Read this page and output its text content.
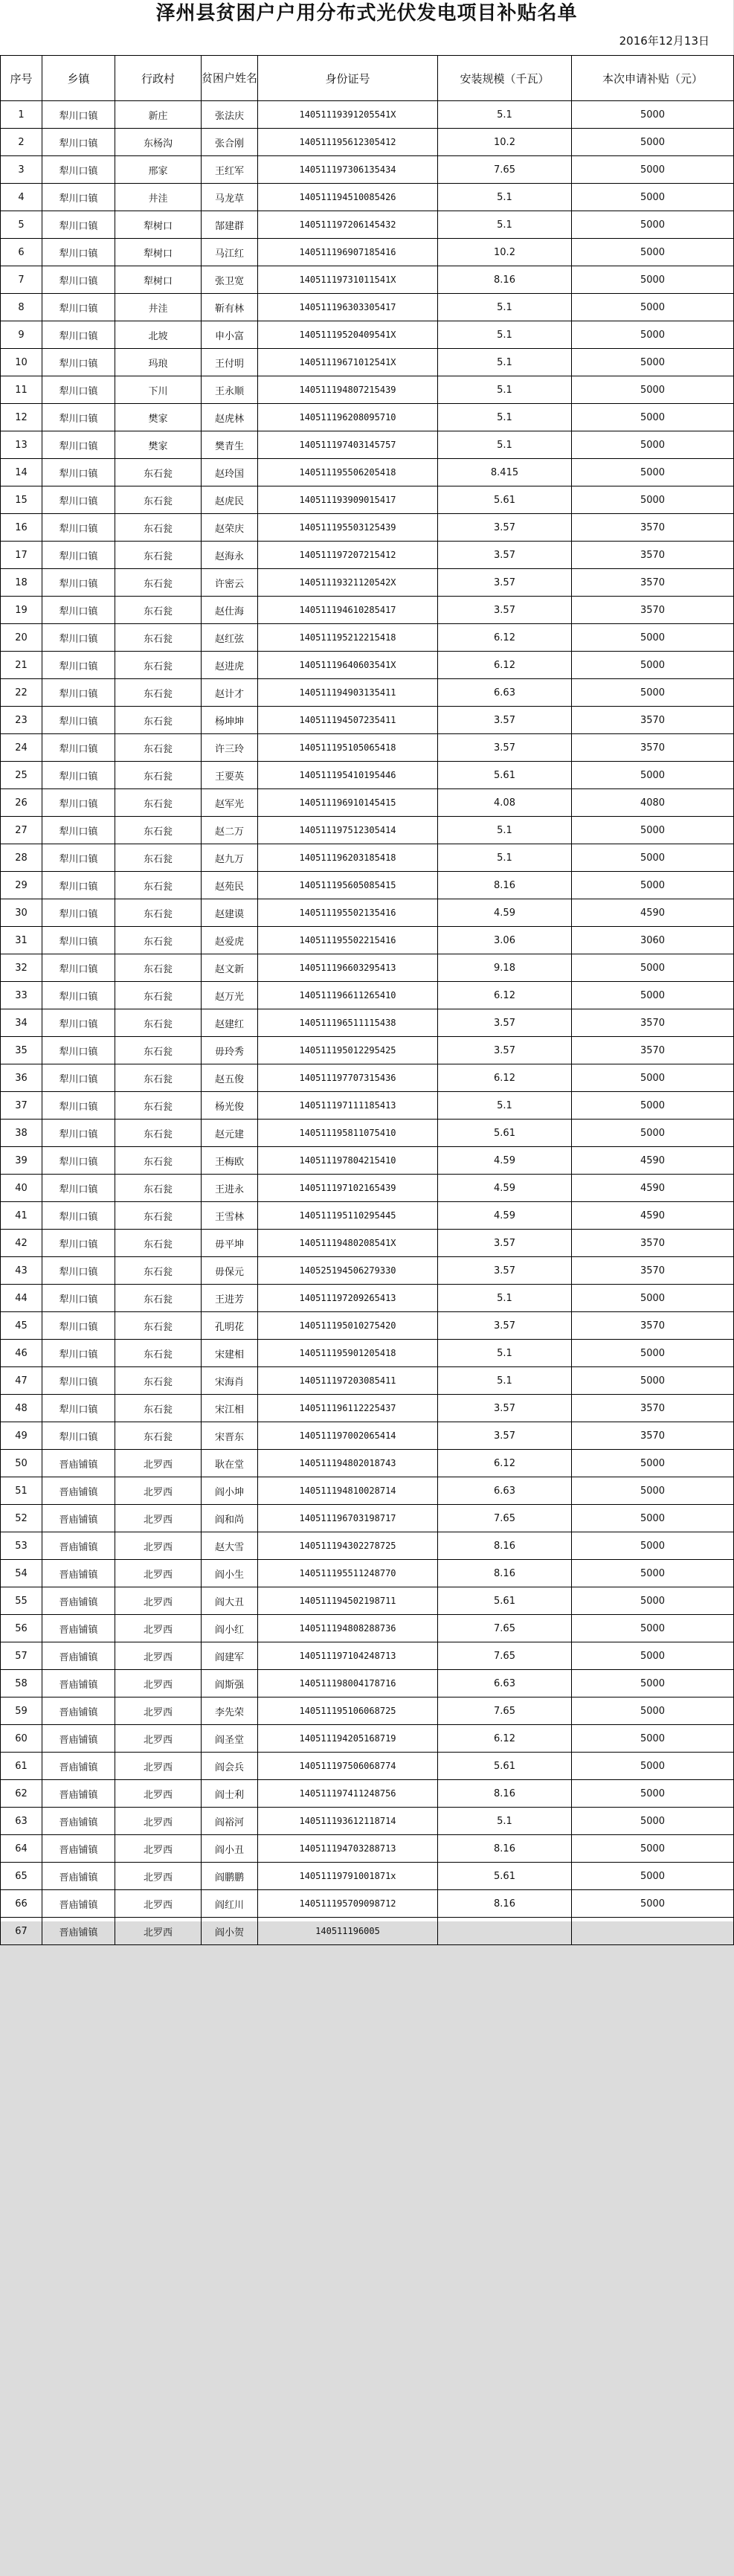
泽州县贫困户户用分布式光伏发电项目补贴名单
2016年12月13日
序号	乡镇	行政村	贫困户姓名	身份证号	安装规模（千瓦）	本次申请补贴（元）
1	犁川口镇	新庄	张法庆	14051119391205541X	5.1	5000
2	犁川口镇	东杨沟	张合刚	140511195612305412	10.2	5000
3	犁川口镇	邢家	王红军	140511197306135434	7.65	5000
4	犁川口镇	井洼	马龙草	140511194510085426	5.1	5000
5	犁川口镇	犁树口	郜建群	140511197206145432	5.1	5000
6	犁川口镇	犁树口	马江红	140511196907185416	10.2	5000
7	犁川口镇	犁树口	张卫宽	14051119731011541X	8.16	5000
8	犁川口镇	井洼	靳有林	140511196303305417	5.1	5000
9	犁川口镇	北坡	申小富	14051119520409541X	5.1	5000
10	犁川口镇	玛琅	王付明	14051119671012541X	5.1	5000
11	犁川口镇	下川	王永顺	140511194807215439	5.1	5000
12	犁川口镇	樊家	赵虎林	140511196208095710	5.1	5000
13	犁川口镇	樊家	樊青生	140511197403145757	5.1	5000
14	犁川口镇	东石瓮	赵玲国	140511195506205418	8.415	5000
15	犁川口镇	东石瓮	赵虎民	140511193909015417	5.61	5000
16	犁川口镇	东石瓮	赵荣庆	140511195503125439	3.57	3570
17	犁川口镇	东石瓮	赵海永	140511197207215412	3.57	3570
18	犁川口镇	东石瓮	许密云	14051119321120542X	3.57	3570
19	犁川口镇	东石瓮	赵仕海	140511194610285417	3.57	3570
20	犁川口镇	东石瓮	赵红弦	140511195212215418	6.12	5000
21	犁川口镇	东石瓮	赵进虎	14051119640603541X	6.12	5000
22	犁川口镇	东石瓮	赵计才	140511194903135411	6.63	5000
23	犁川口镇	东石瓮	杨坤坤	140511194507235411	3.57	3570
24	犁川口镇	东石瓮	许三玲	140511195105065418	3.57	3570
25	犁川口镇	东石瓮	王要英	140511195410195446	5.61	5000
26	犁川口镇	东石瓮	赵军光	140511196910145415	4.08	4080
27	犁川口镇	东石瓮	赵二万	140511197512305414	5.1	5000
28	犁川口镇	东石瓮	赵九万	140511196203185418	5.1	5000
29	犁川口镇	东石瓮	赵苑民	140511195605085415	8.16	5000
30	犁川口镇	东石瓮	赵建谟	140511195502135416	4.59	4590
31	犁川口镇	东石瓮	赵爱虎	140511195502215416	3.06	3060
32	犁川口镇	东石瓮	赵文新	140511196603295413	9.18	5000
33	犁川口镇	东石瓮	赵万光	140511196611265410	6.12	5000
34	犁川口镇	东石瓮	赵建红	140511196511115438	3.57	3570
35	犁川口镇	东石瓮	毋玲秀	140511195012295425	3.57	3570
36	犁川口镇	东石瓮	赵五俊	140511197707315436	6.12	5000
37	犁川口镇	东石瓮	杨光俊	140511197111185413	5.1	5000
38	犁川口镇	东石瓮	赵元建	140511195811075410	5.61	5000
39	犁川口镇	东石瓮	王梅欧	140511197804215410	4.59	4590
40	犁川口镇	东石瓮	王进永	140511197102165439	4.59	4590
41	犁川口镇	东石瓮	王雪林	140511195110295445	4.59	4590
42	犁川口镇	东石瓮	毋平坤	14051119480208541X	3.57	3570
43	犁川口镇	东石瓮	毋保元	140525194506279330	3.57	3570
44	犁川口镇	东石瓮	王进芳	140511197209265413	5.1	5000
45	犁川口镇	东石瓮	孔明花	140511195010275420	3.57	3570
46	犁川口镇	东石瓮	宋建相	140511195901205418	5.1	5000
47	犁川口镇	东石瓮	宋海肖	140511197203085411	5.1	5000
48	犁川口镇	东石瓮	宋江相	140511196112225437	3.57	3570
49	犁川口镇	东石瓮	宋晋东	140511197002065414	3.57	3570
50	晋庙铺镇	北罗西	耿在堂	140511194802018743	6.12	5000
51	晋庙铺镇	北罗西	阎小坤	140511194810028714	6.63	5000
52	晋庙铺镇	北罗西	阎和尚	140511196703198717	7.65	5000
53	晋庙铺镇	北罗西	赵大雪	140511194302278725	8.16	5000
54	晋庙铺镇	北罗西	阎小生	140511195511248770	8.16	5000
55	晋庙铺镇	北罗西	阎大丑	140511194502198711	5.61	5000
56	晋庙铺镇	北罗西	阎小红	140511194808288736	7.65	5000
57	晋庙铺镇	北罗西	阎建军	140511197104248713	7.65	5000
58	晋庙铺镇	北罗西	阎斯强	140511198004178716	6.63	5000
59	晋庙铺镇	北罗西	李先荣	140511195106068725	7.65	5000
60	晋庙铺镇	北罗西	阎圣堂	140511194205168719	6.12	5000
61	晋庙铺镇	北罗西	阎会兵	140511197506068774	5.61	5000
62	晋庙铺镇	北罗西	阎士利	140511197411248756	8.16	5000
63	晋庙铺镇	北罗西	阎裕河	140511193612118714	5.1	5000
64	晋庙铺镇	北罗西	阎小丑	140511194703288713	8.16	5000
65	晋庙铺镇	北罗西	阎鹏鹏	14051119791001871x	5.61	5000
66	晋庙铺镇	北罗西	阎红川	140511195709098712	8.16	5000
67	晋庙铺镇	北罗西	阎小贺	140511196005		
